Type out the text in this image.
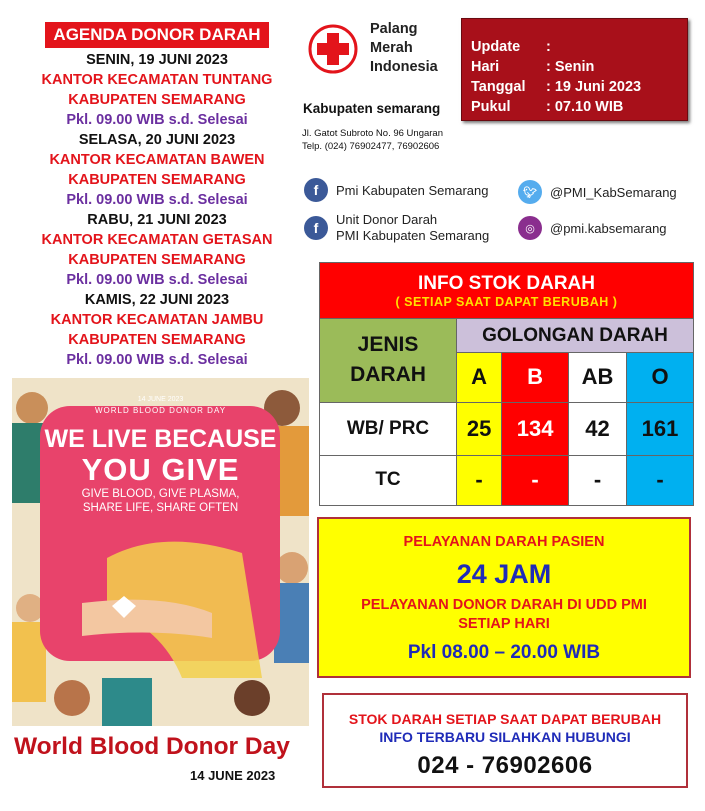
AGENDA DONOR DARAH
SENIN, 19 JUNI 2023
KANTOR KECAMATAN TUNTANG
KABUPATEN SEMARANG
Pkl. 09.00 WIB s.d. Selesai
SELASA, 20 JUNI 2023
KANTOR KECAMATAN BAWEN
KABUPATEN SEMARANG
Pkl. 09.00 WIB s.d. Selesai
RABU, 21 JUNI 2023
KANTOR KECAMATAN GETASAN
KABUPATEN SEMARANG
Pkl. 09.00 WIB s.d. Selesai
KAMIS, 22 JUNI 2023
KANTOR KECAMATAN JAMBU
KABUPATEN SEMARANG
Pkl. 09.00 WIB s.d. Selesai
Palang
Merah
Indonesia
Kabupaten semarang
Jl. Gatot Subroto No. 96 Ungaran
Telp. (024) 76902477, 76902606
Update	:
Hari	: Senin
Tanggal	: 19 Juni 2023
Pukul	: 07.10 WIB
f	Pmi Kabupaten Semarang
f
Unit Donor Darah
PMI Kabupaten Semarang
🐦︎	@PMI_KabSemarang
◎	@pmi.kabsemarang
INFO STOK DARAH
( SETIAP SAAT DAPAT BERUBAH )				

JENIS
DARAH	GOLONGAN DARAH			
	A	B	AB	O
WB/ PRC	25	134	42	161
TC	-	-	-	-
PELAYANAN DARAH PASIEN
24 JAM
PELAYANAN DONOR DARAH DI UDD PMI
SETIAP HARI
Pkl 08.00 – 20.00 WIB
STOK DARAH SETIAP SAAT DAPAT BERUBAH
INFO TERBARU SILAHKAN HUBUNGI
024 - 76902606
14 JUNE 2023
WORLD BLOOD DONOR DAY
WE LIVE BECAUSE
YOU GIVE
GIVE BLOOD, GIVE PLASMA,
SHARE LIFE, SHARE OFTEN
World Blood Donor Day
14 JUNE 2023
